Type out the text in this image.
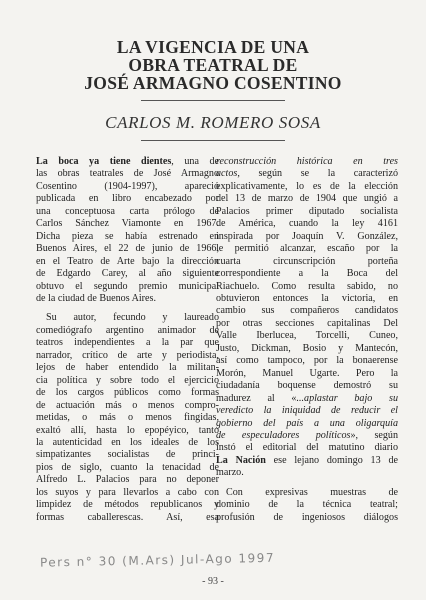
LA VIGENCIA DE UNA
OBRA TEATRAL DE
JOSÉ ARMAGNO COSENTINO
CARLOS M. ROMERO SOSA
La boca ya tiene dientes, una de
las obras teatrales de José Armagno
Cosentino (1904-1997), apareció
publicada en libro encabezado por
una conceptuosa carta prólogo de
Carlos Sánchez Viamonte en 1967.
Dicha pieza se había estrenado en
Buenos Aires, el 22 de junio de 1966,
en el Teatro de Arte bajo la dirección
de Edgardo Carey, al año siguiente
obtuvo el segundo premio municipal
de la ciudad de Buenos Aires.
Su autor, fecundo y laureado
comediógrafo argentino animador de
teatros independientes a la par que
narrador, crítico de arte y periodista,
lejos de haber entendido la militan-
cia política y sobre todo el ejercicio
de los cargos públicos como formas
de actuación más o menos compro-
metidas, o más o menos fingidas,
exaltó allí, hasta lo epopéyico, tanto
la autenticidad en los ideales de los
simpatizantes socialistas de princi-
pios de siglo, cuanto la tenacidad de
Alfredo L. Palacios para no deponer
los suyos y para llevarlos a cabo con
limpidez de métodos republicanos y
formas caballerescas. Así, esa
reconstrucción histórica en tres
actos, según se la caracterizó
explicativamente, lo es de la elección
del 13 de marzo de 1904 que ungió a
Palacios primer diputado socialista
de América, cuando la ley 4161
inspirada por Joaquín V. González,
le permitió alcanzar, escaño por la
cuarta circunscripción porteña
correspondiente a la Boca del
Riachuelo. Como resulta sabido, no
obtuvieron entonces la victoria, en
cambio sus compañeros candidatos
por otras secciones capitalinas Del
Valle Iberlucea, Torcelli, Cuneo,
Justo, Dickman, Bosio y Mantecón,
así como tampoco, por la bonaerense
Morón, Manuel Ugarte. Pero la
ciudadanía boquense demostró su
madurez al «...aplastar bajo su
veredicto la iniquidad de reducir el
gobierno del país a una oligarquía
de especuladores políticos», según
instó el editorial del matutino diario
La Nación ese lejano domingo 13 de
marzo.
Con expresivas muestras de
dominio de la técnica teatral;
profusión de ingeniosos diálogos
Pers n° 30 (M.Ars) Jul-Ago 1997
- 93 -
